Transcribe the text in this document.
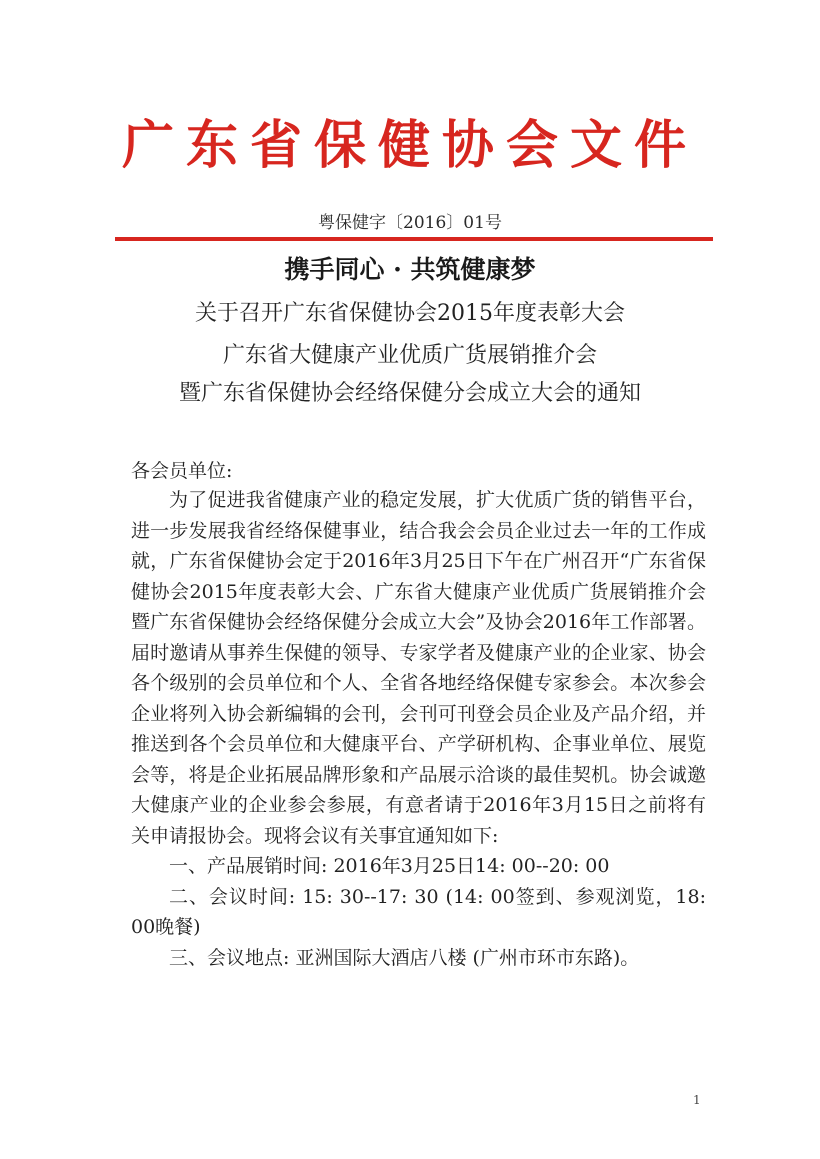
广东省保健协会文件
粤保健字〔2016〕01号
携手同心 · 共筑健康梦
关于召开广东省保健协会2015年度表彰大会
广东省大健康产业优质广货展销推介会
暨广东省保健协会经络保健分会成立大会的通知
各会员单位:

为了促进我省健康产业的稳定发展，扩大优质广货的销售平台，进一步发展我省经络保健事业，结合我会会员企业过去一年的工作成就，广东省保健协会定于2016年3月25日下午在广州召开“广东省保健协会2015年度表彰大会、广东省大健康产业优质广货展销推介会暨广东省保健协会经络保健分会成立大会”及协会2016年工作部署。届时邀请从事养生保健的领导、专家学者及健康产业的企业家、协会各个级别的会员单位和个人、全省各地经络保健专家参会。本次参会企业将列入协会新编辑的会刊，会刊可刊登会员企业及产品介绍，并推送到各个会员单位和大健康平台、产学研机构、企事业单位、展览会等，将是企业拓展品牌形象和产品展示洽谈的最佳契机。协会诚邀大健康产业的企业参会参展，有意者请于2016年3月15日之前将有关申请报协会。现将会议有关事宜通知如下:

一、产品展销时间: 2016年3月25日14: 00--20: 00

二、会议时间: 15: 30--17: 30 (14: 00签到、参观浏览，18: 00晚餐)

三、会议地点: 亚洲国际大酒店八楼 (广州市环市东路)。

1
